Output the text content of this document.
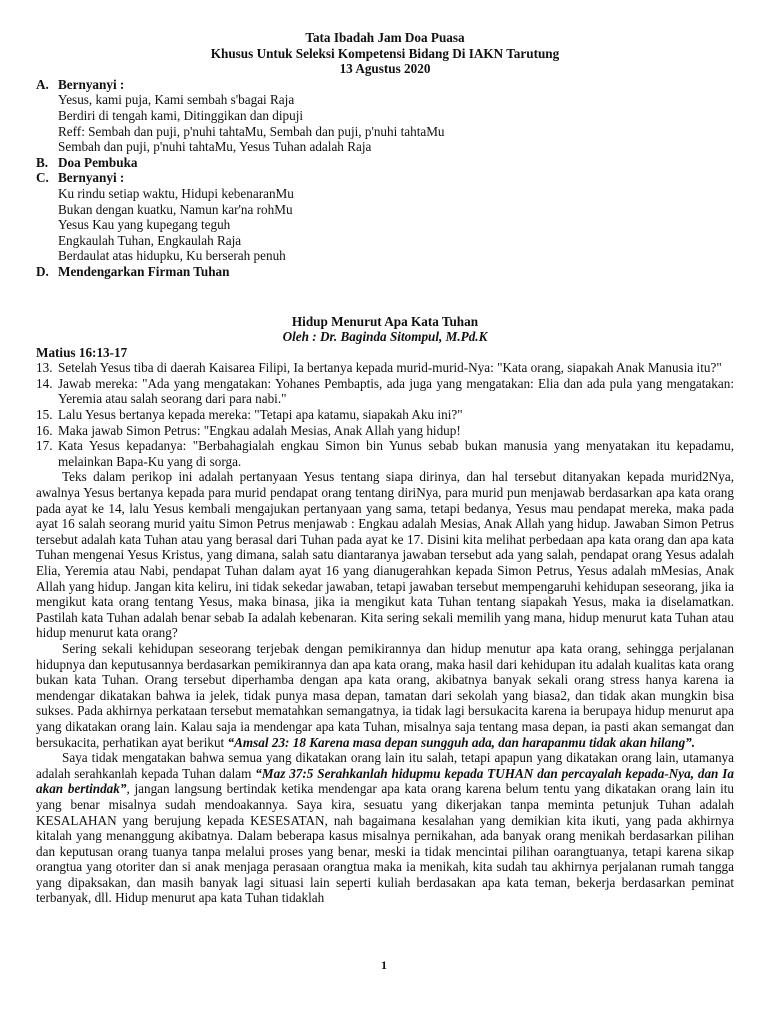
Tata Ibadah Jam Doa Puasa

Khusus Untuk Seleksi Kompetensi Bidang Di IAKN Tarutung

13 Agustus 2020

A. Bernyanyi :
Yesus, kami puja, Kami sembah s'bagai Raja
Berdiri di tengah kami, Ditinggikan dan dipuji
Reff: Sembah dan puji, p'nuhi tahtaMu, Sembah dan puji, p'nuhi tahtaMu
Sembah dan puji, p'nuhi tahtaMu, Yesus Tuhan adalah Raja
B. Doa Pembuka
C. Bernyanyi :
Ku rindu setiap waktu, Hidupi kebenaranMu
Bukan dengan kuatku, Namun kar'na rohMu
Yesus Kau yang kupegang teguh
Engkaulah Tuhan, Engkaulah Raja
Berdaulat atas hidupku, Ku berserah penuh
D. Mendengarkan Firman Tuhan
Hidup Menurut Apa Kata Tuhan
Oleh : Dr. Baginda Sitompul, M.Pd.K
Matius 16:13-17
13. Setelah Yesus tiba di daerah Kaisarea Filipi, Ia bertanya kepada murid-murid-Nya: "Kata orang, siapakah Anak Manusia itu?"
14. Jawab mereka: "Ada yang mengatakan: Yohanes Pembaptis, ada juga yang mengatakan: Elia dan ada pula yang mengatakan: Yeremia atau salah seorang dari para nabi."
15. Lalu Yesus bertanya kepada mereka: "Tetapi apa katamu, siapakah Aku ini?"
16. Maka jawab Simon Petrus: "Engkau adalah Mesias, Anak Allah yang hidup!
17. Kata Yesus kepadanya: "Berbahagialah engkau Simon bin Yunus sebab bukan manusia yang menyatakan itu kepadamu, melainkan Bapa-Ku yang di sorga.

Teks dalam perikop ini adalah pertanyaan Yesus tentang siapa dirinya, dan hal tersebut ditanyakan kepada murid2Nya, awalnya Yesus bertanya kepada para murid pendapat orang tentang diriNya, para murid pun menjawab berdasarkan apa kata orang pada ayat ke 14, lalu Yesus kembali mengajukan pertanyaan yang sama, tetapi bedanya, Yesus mau pendapat mereka, maka pada ayat 16 salah seorang murid yaitu Simon Petrus menjawab : Engkau adalah Mesias, Anak Allah yang hidup. Jawaban Simon Petrus tersebut adalah kata Tuhan atau yang berasal dari Tuhan pada ayat ke 17. Disini kita melihat perbedaan apa kata orang dan apa kata Tuhan mengenai Yesus Kristus, yang dimana, salah satu diantaranya jawaban tersebut ada yang salah, pendapat orang Yesus adalah Elia, Yeremia atau Nabi, pendapat Tuhan dalam ayat 16 yang dianugerahkan kepada Simon Petrus, Yesus adalah mMesias, Anak Allah yang hidup. Jangan kita keliru, ini tidak sekedar jawaban, tetapi jawaban tersebut mempengaruhi kehidupan seseorang, jika ia mengikut kata orang tentang Yesus, maka binasa, jika ia mengikut kata Tuhan tentang siapakah Yesus, maka ia diselamatkan. Pastilah kata Tuhan adalah benar sebab Ia adalah kebenaran. Kita sering sekali memilih yang mana, hidup menurut kata Tuhan atau hidup menurut kata orang?

Sering sekali kehidupan seseorang terjebak dengan pemikirannya dan hidup menutur apa kata orang, sehingga perjalanan hidupnya dan keputusannya berdasarkan pemikirannya dan apa kata orang, maka hasil dari kehidupan itu adalah kualitas kata orang bukan kata Tuhan. Orang tersebut diperhamba dengan apa kata orang, akibatnya banyak sekali orang stress hanya karena ia mendengar dikatakan bahwa ia jelek, tidak punya masa depan, tamatan dari sekolah yang biasa2, dan tidak akan mungkin bisa sukses. Pada akhirnya perkataan tersebut mematahkan semangatnya, ia tidak lagi bersukacita karena ia berupaya hidup menurut apa yang dikatakan orang lain. Kalau saja ia mendengar apa kata Tuhan, misalnya saja tentang masa depan, ia pasti akan semangat dan bersukacita, perhatikan ayat berikut “Amsal 23: 18 Karena masa depan sungguh ada, dan harapanmu tidak akan hilang”.

Saya tidak mengatakan bahwa semua yang dikatakan orang lain itu salah, tetapi apapun yang dikatakan orang lain, utamanya adalah serahkanlah kepada Tuhan dalam “Maz 37:5 Serahkanlah hidupmu kepada TUHAN dan percayalah kepada-Nya, dan Ia akan bertindak”, jangan langsung bertindak ketika mendengar apa kata orang karena belum tentu yang dikatakan orang lain itu yang benar misalnya sudah mendoakannya. Saya kira, sesuatu yang dikerjakan tanpa meminta petunjuk Tuhan adalah KESALAHAN yang berujung kepada KESESATAN, nah bagaimana kesalahan yang demikian kita ikuti, yang pada akhirnya kitalah yang menanggung akibatnya. Dalam beberapa kasus misalnya pernikahan, ada banyak orang menikah berdasarkan pilihan dan keputusan orang tuanya tanpa melalui proses yang benar, meski ia tidak mencintai pilihan oarangtuanya, tetapi karena sikap orangtua yang otoriter dan si anak menjaga perasaan orangtua maka ia menikah, kita sudah tau akhirnya perjalanan rumah tangga yang dipaksakan, dan masih banyak lagi situasi lain seperti kuliah berdasakan apa kata teman, bekerja berdasarkan peminat terbanyak, dll. Hidup menurut apa kata Tuhan tidaklah

1
